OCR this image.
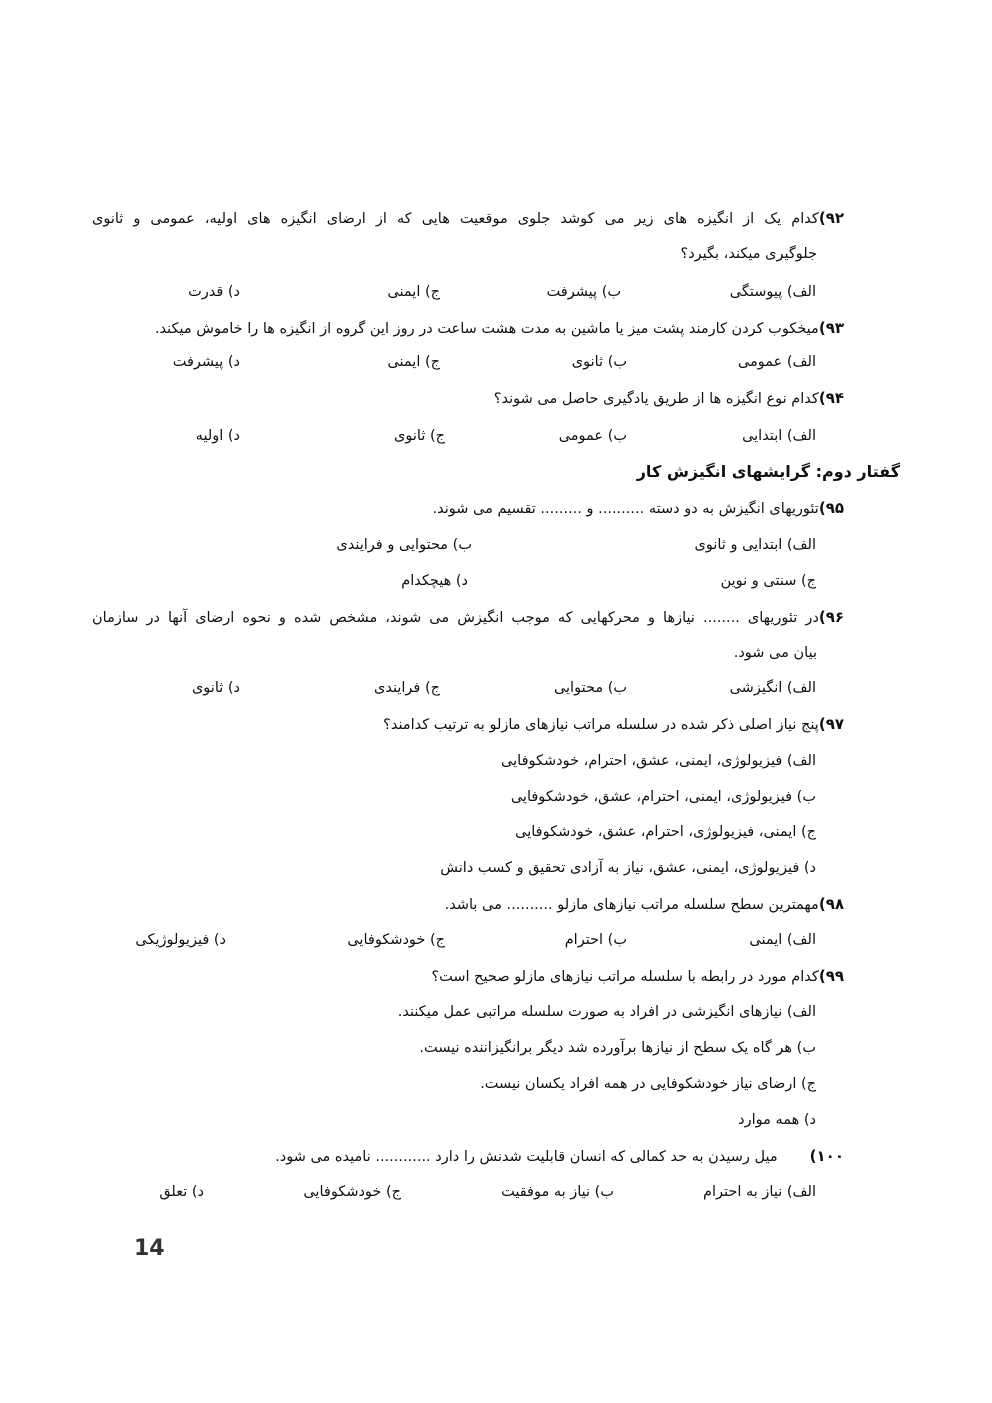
۹۲)کدام یک از انگیزه های زیر می کوشد جلوی موقعیت هایی که از ارضای انگیزه های اولیه، عمومی و ثانوی
جلوگیری میکند، بگیرد؟
الف) پیوستگی
ب) پیشرفت
ج) ایمنی
د) قدرت
۹۳)میخکوب کردن کارمند پشت میز یا ماشین به مدت هشت ساعت در روز این گروه از انگیزه ها را خاموش میکند.
الف) عمومی
ب) ثانوی
ج) ایمنی
د) پیشرفت
۹۴)کدام نوع انگیزه ها از طریق یادگیری حاصل می شوند؟
الف) ابتدایی
ب) عمومی
ج) ثانوی
د) اولیه
گفتار دوم: گرایشهای انگیزش کار
۹۵)تئوریهای انگیزش به دو دسته .......... و ......... تقسیم می شوند.
الف) ابتدایی و ثانوی
ب) محتوایی و فرایندی
ج) سنتی و نوین
د) هیچکدام
۹۶)در تئوریهای ........ نیازها و محرکهایی که موجب انگیزش می شوند، مشخص شده و نحوه ارضای آنها در سازمان
بیان می شود.
الف) انگیزشی
ب) محتوایی
ج) فرایندی
د) ثانوی
۹۷)پنج نیاز اصلی ذکر شده در سلسله مراتب نیازهای مازلو به ترتیب کدامند؟
الف) فیزیولوژی، ایمنی، عشق، احترام، خودشکوفایی
ب) فیزیولوژی، ایمنی، احترام، عشق، خودشکوفایی
ج) ایمنی، فیزیولوژی، احترام، عشق، خودشکوفایی
د) فیزیولوژی، ایمنی، عشق، نیاز به آزادی تحقیق و کسب دانش
۹۸)مهمترین سطح سلسله مراتب نیازهای مازلو .......... می باشد.
الف) ایمنی
ب) احترام
ج) خودشکوفایی
د) فیزیولوژیکی
۹۹)کدام مورد در رابطه با سلسله مراتب نیازهای مازلو صحیح است؟
الف) نیازهای انگیزشی در افراد به صورت سلسله مراتبی عمل میکنند.
ب) هر گاه یک سطح از نیازها برآورده شد دیگر برانگیزاننده نیست.
ج) ارضای نیاز خودشکوفایی در همه افراد یکسان نیست.
د) همه موارد
۱۰۰)میل رسیدن به حد کمالی که انسان قابلیت شدنش را دارد ............ نامیده می شود.
الف) نیاز به احترام
ب) نیاز به موفقیت
ج) خودشکوفایی
د) تعلق
14
